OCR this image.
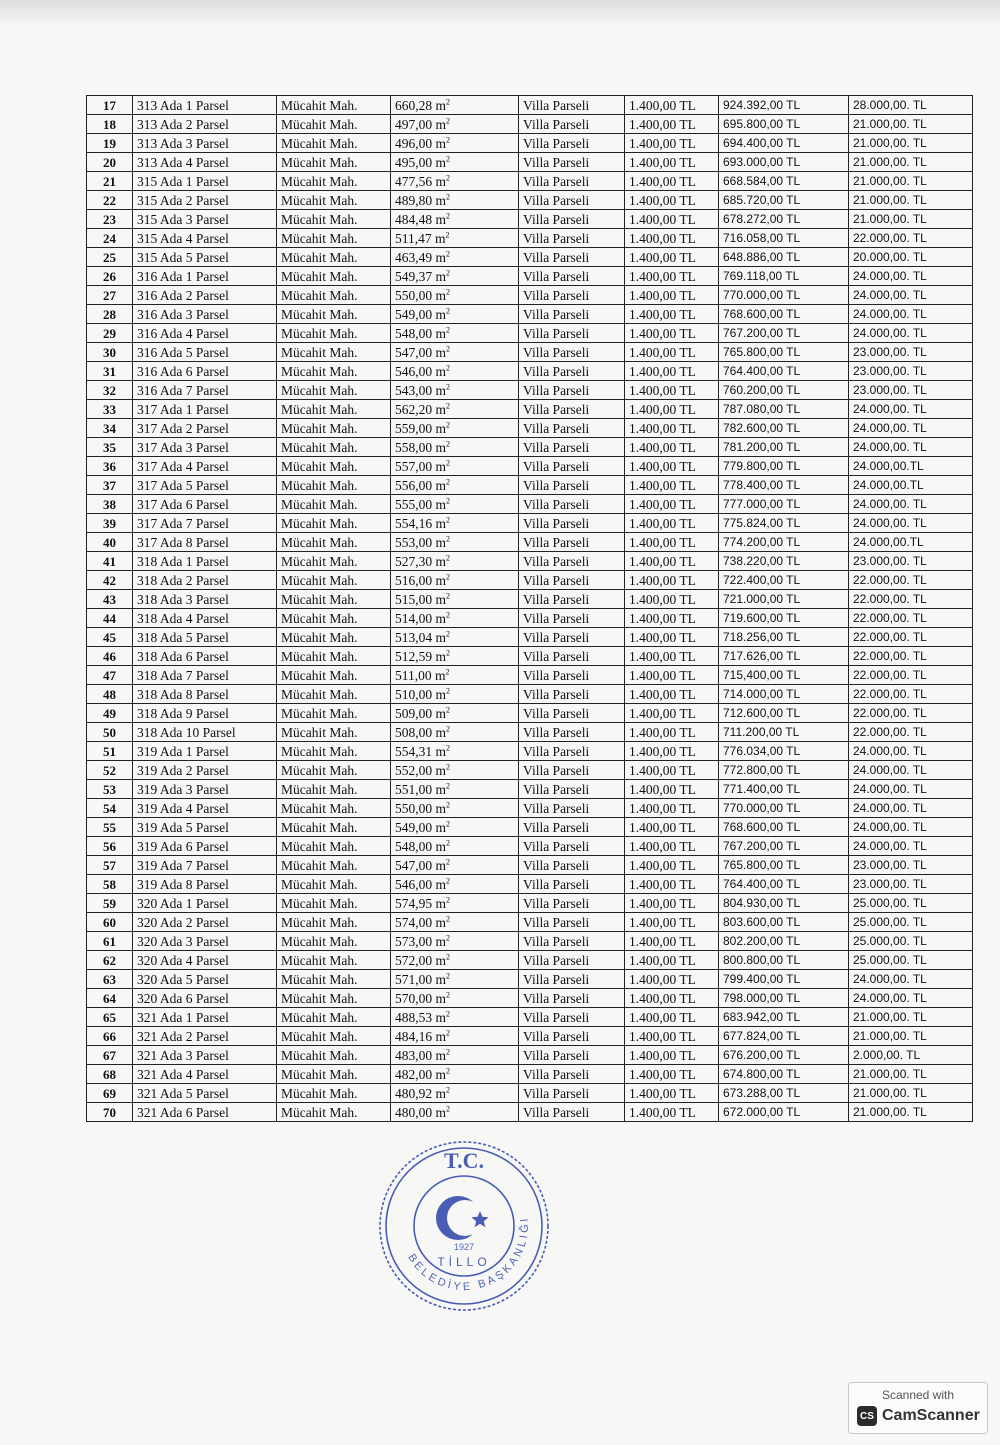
17	313 Ada 1 Parsel	Mücahit Mah.	660,28 $m^2$	Villa Parseli	1.400,00 TL	924.392,00 TL	28.000,00. TL
18	313 Ada 2 Parsel	Mücahit Mah.	497,00 $m^2$	Villa Parseli	1.400,00 TL	695.800,00 TL	21.000,00. TL
19	313 Ada 3 Parsel	Mücahit Mah.	496,00 $m^2$	Villa Parseli	1.400,00 TL	694.400,00 TL	21.000,00. TL
20	313 Ada 4 Parsel	Mücahit Mah.	495,00 $m^2$	Villa Parseli	1.400,00 TL	693.000,00 TL	21.000,00. TL
21	315 Ada 1 Parsel	Mücahit Mah.	477,56 $m^2$	Villa Parseli	1.400,00 TL	668.584,00 TL	21.000,00. TL
22	315 Ada 2 Parsel	Mücahit Mah.	489,80 $m^2$	Villa Parseli	1.400,00 TL	685.720,00 TL	21.000,00. TL
23	315 Ada 3 Parsel	Mücahit Mah.	484,48 $m^2$	Villa Parseli	1.400,00 TL	678.272,00 TL	21.000,00. TL
24	315 Ada 4 Parsel	Mücahit Mah.	511,47 $m^2$	Villa Parseli	1.400,00 TL	716.058,00 TL	22.000,00. TL
25	315 Ada 5 Parsel	Mücahit Mah.	463,49 $m^2$	Villa Parseli	1.400,00 TL	648.886,00 TL	20.000,00. TL
26	316 Ada 1 Parsel	Mücahit Mah.	549,37 $m^2$	Villa Parseli	1.400,00 TL	769.118,00 TL	24.000,00. TL
27	316 Ada 2 Parsel	Mücahit Mah.	550,00 $m^2$	Villa Parseli	1.400,00 TL	770.000,00 TL	24.000,00. TL
28	316 Ada 3 Parsel	Mücahit Mah.	549,00 $m^2$	Villa Parseli	1.400,00 TL	768.600,00 TL	24.000,00. TL
29	316 Ada 4 Parsel	Mücahit Mah.	548,00 $m^2$	Villa Parseli	1.400,00 TL	767.200,00 TL	24.000,00. TL
30	316 Ada 5 Parsel	Mücahit Mah.	547,00 $m^2$	Villa Parseli	1.400,00 TL	765.800,00 TL	23.000,00. TL
31	316 Ada 6 Parsel	Mücahit Mah.	546,00 $m^2$	Villa Parseli	1.400,00 TL	764.400,00 TL	23.000,00. TL
32	316 Ada 7 Parsel	Mücahit Mah.	543,00 $m^2$	Villa Parseli	1.400,00 TL	760.200,00 TL	23.000,00. TL
33	317 Ada 1 Parsel	Mücahit Mah.	562,20 $m^2$	Villa Parseli	1.400,00 TL	787.080,00 TL	24.000,00. TL
34	317 Ada 2 Parsel	Mücahit Mah.	559,00 $m^2$	Villa Parseli	1.400,00 TL	782.600,00 TL	24.000,00. TL
35	317 Ada 3 Parsel	Mücahit Mah.	558,00 $m^2$	Villa Parseli	1.400,00 TL	781.200,00 TL	24.000,00. TL
36	317 Ada 4 Parsel	Mücahit Mah.	557,00 $m^2$	Villa Parseli	1.400,00 TL	779.800,00 TL	24.000,00.TL
37	317 Ada 5 Parsel	Mücahit Mah.	556,00 $m^2$	Villa Parseli	1.400,00 TL	778.400,00 TL	24.000,00.TL
38	317 Ada 6 Parsel	Mücahit Mah.	555,00 $m^2$	Villa Parseli	1.400,00 TL	777.000,00 TL	24.000,00. TL
39	317 Ada 7 Parsel	Mücahit Mah.	554,16 $m^2$	Villa Parseli	1.400,00 TL	775.824,00 TL	24.000,00. TL
40	317 Ada 8 Parsel	Mücahit Mah.	553,00 $m^2$	Villa Parseli	1.400,00 TL	774.200,00 TL	24.000,00.TL
41	318 Ada 1 Parsel	Mücahit Mah.	527,30 $m^2$	Villa Parseli	1.400,00 TL	738.220,00 TL	23.000,00. TL
42	318 Ada 2 Parsel	Mücahit Mah.	516,00 $m^2$	Villa Parseli	1.400,00 TL	722.400,00 TL	22.000,00. TL
43	318 Ada 3 Parsel	Mücahit Mah.	515,00 $m^2$	Villa Parseli	1.400,00 TL	721.000,00 TL	22.000,00. TL
44	318 Ada 4 Parsel	Mücahit Mah.	514,00 $m^2$	Villa Parseli	1.400,00 TL	719.600,00 TL	22.000,00. TL
45	318 Ada 5 Parsel	Mücahit Mah.	513,04 $m^2$	Villa Parseli	1.400,00 TL	718.256,00 TL	22.000,00. TL
46	318 Ada 6 Parsel	Mücahit Mah.	512,59 $m^2$	Villa Parseli	1.400,00 TL	717.626,00 TL	22.000,00. TL
47	318 Ada 7 Parsel	Mücahit Mah.	511,00 $m^2$	Villa Parseli	1.400,00 TL	715,400,00 TL	22.000,00. TL
48	318 Ada 8 Parsel	Mücahit Mah.	510,00 $m^2$	Villa Parseli	1.400,00 TL	714.000,00 TL	22.000,00. TL
49	318 Ada 9 Parsel	Mücahit Mah.	509,00 $m^2$	Villa Parseli	1.400,00 TL	712.600,00 TL	22.000,00. TL
50	318 Ada 10 Parsel	Mücahit Mah.	508,00 $m^2$	Villa Parseli	1.400,00 TL	711.200,00 TL	22.000,00. TL
51	319 Ada 1 Parsel	Mücahit Mah.	554,31 $m^2$	Villa Parseli	1.400,00 TL	776.034,00 TL	24.000,00. TL
52	319 Ada 2 Parsel	Mücahit Mah.	552,00 $m^2$	Villa Parseli	1.400,00 TL	772.800,00 TL	24.000,00. TL
53	319 Ada 3 Parsel	Mücahit Mah.	551,00 $m^2$	Villa Parseli	1.400,00 TL	771.400,00 TL	24.000,00. TL
54	319 Ada 4 Parsel	Mücahit Mah.	550,00 $m^2$	Villa Parseli	1.400,00 TL	770.000,00 TL	24.000,00. TL
55	319 Ada 5 Parsel	Mücahit Mah.	549,00 $m^2$	Villa Parseli	1.400,00 TL	768.600,00 TL	24.000,00. TL
56	319 Ada 6 Parsel	Mücahit Mah.	548,00 $m^2$	Villa Parseli	1.400,00 TL	767.200,00 TL	24.000,00. TL
57	319 Ada 7 Parsel	Mücahit Mah.	547,00 $m^2$	Villa Parseli	1.400,00 TL	765.800,00 TL	23.000,00. TL
58	319 Ada 8 Parsel	Mücahit Mah.	546,00 $m^2$	Villa Parseli	1.400,00 TL	764.400,00 TL	23.000,00. TL
59	320 Ada 1 Parsel	Mücahit Mah.	574,95 $m^2$	Villa Parseli	1.400,00 TL	804.930,00 TL	25.000,00. TL
60	320 Ada 2 Parsel	Mücahit Mah.	574,00 $m^2$	Villa Parseli	1.400,00 TL	803.600,00 TL	25.000,00. TL
61	320 Ada 3 Parsel	Mücahit Mah.	573,00 $m^2$	Villa Parseli	1.400,00 TL	802.200,00 TL	25.000,00. TL
62	320 Ada 4 Parsel	Mücahit Mah.	572,00 $m^2$	Villa Parseli	1.400,00 TL	800.800,00 TL	25.000,00. TL
63	320 Ada 5 Parsel	Mücahit Mah.	571,00 $m^2$	Villa Parseli	1.400,00 TL	799.400,00 TL	24.000,00. TL
64	320 Ada 6 Parsel	Mücahit Mah.	570,00 $m^2$	Villa Parseli	1.400,00 TL	798.000,00 TL	24.000,00. TL
65	321 Ada 1 Parsel	Mücahit Mah.	488,53 $m^2$	Villa Parseli	1.400,00 TL	683.942,00 TL	21.000,00. TL
66	321 Ada 2 Parsel	Mücahit Mah.	484,16 $m^2$	Villa Parseli	1.400,00 TL	677.824,00 TL	21.000,00. TL
67	321 Ada 3 Parsel	Mücahit Mah.	483,00 $m^2$	Villa Parseli	1.400,00 TL	676.200,00 TL	2.000,00. TL
68	321 Ada 4 Parsel	Mücahit Mah.	482,00 $m^2$	Villa Parseli	1.400,00 TL	674.800,00 TL	21.000,00. TL
69	321 Ada 5 Parsel	Mücahit Mah.	480,92 $m^2$	Villa Parseli	1.400,00 TL	673.288,00 TL	21.000,00. TL
70	321 Ada 6 Parsel	Mücahit Mah.	480,00 $m^2$	Villa Parseli	1.400,00 TL	672.000,00 TL	21.000,00. TL
T.C.
BELEDİYE BAŞKANLIĞI
TİLLO
1927
Scanned with
CS CamScanner
